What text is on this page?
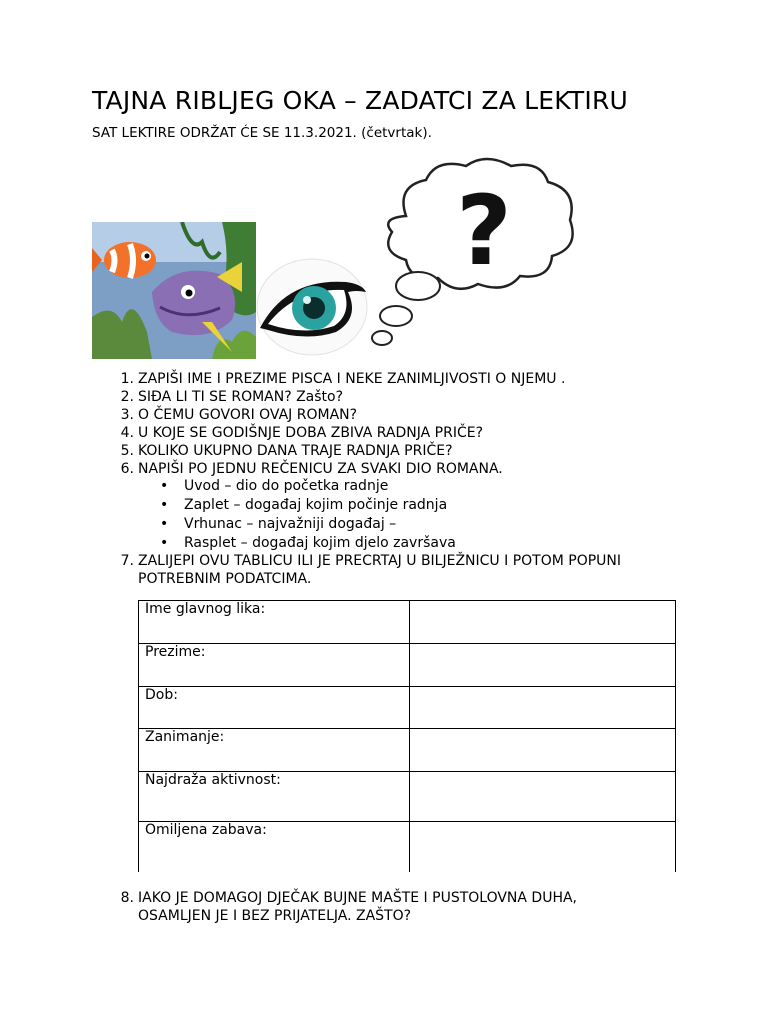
TAJNA RIBLJEG OKA – ZADATCI ZA LEKTIRU
SAT LEKTIRE ODRŽAT ĆE SE 11.3.2021. (četvrtak).
?
1. ZAPIŠI IME I PREZIME PISCA I NEKE ZANIMLJIVOSTI O NJEMU .
2. SIĐA LI TI SE ROMAN? Zašto?
3. O ČEMU GOVORI OVAJ ROMAN?
4. U KOJE SE GODIŠNJE DOBA ZBIVA RADNJA PRIČE?
5. KOLIKO UKUPNO DANA TRAJE RADNJA PRIČE?
6. NAPIŠI PO JEDNU REČENICU ZA SVAKI DIO ROMANA.
• Uvod – dio do početka radnje
• Zaplet – događaj kojim počinje radnja
• Vrhunac – najvažniji događaj –
• Rasplet – događaj kojim djelo završava
7. ZALIJEPI OVU TABLICU ILI JE PRECRTAJ U BILJEŽNICU I POTOM POPUNI
POTREBNIM PODATCIMA.
Ime glavnog lika:	
Prezime:	
Dob:	
Zanimanje:	
Najdraža aktivnost:	
Omiljena zabava:	
8. IAKO JE DOMAGOJ DJEČAK BUJNE MAŠTE I PUSTOLOVNA DUHA,
OSAMLJEN JE I BEZ PRIJATELJA. ZAŠTO?
